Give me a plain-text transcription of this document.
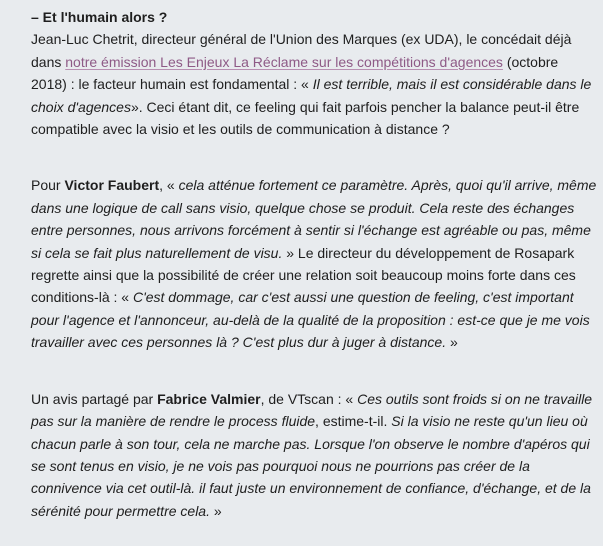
– Et l'humain alors ?

Jean-Luc Chetrit, directeur général de l'Union des Marques (ex UDA), le concédait déjà dans notre émission Les Enjeux La Réclame sur les compétitions d'agences (octobre 2018) : le facteur humain est fondamental : « Il est terrible, mais il est considérable dans le choix d'agences». Ceci étant dit, ce feeling qui fait parfois pencher la balance peut-il être compatible avec la visio et les outils de communication à distance ?

Pour Victor Faubert, « cela atténue fortement ce paramètre. Après, quoi qu'il arrive, même dans une logique de call sans visio, quelque chose se produit. Cela reste des échanges entre personnes, nous arrivons forcément à sentir si l'échange est agréable ou pas, même si cela se fait plus naturellement de visu. » Le directeur du développement de Rosapark regrette ainsi que la possibilité de créer une relation soit beaucoup moins forte dans ces conditions-là : « C'est dommage, car c'est aussi une question de feeling, c'est important pour l'agence et l'annonceur, au-delà de la qualité de la proposition : est-ce que je me vois travailler avec ces personnes là ? C'est plus dur à juger à distance. »

Un avis partagé par Fabrice Valmier, de VTscan : « Ces outils sont froids si on ne travaille pas sur la manière de rendre le process fluide, estime-t-il. Si la visio ne reste qu'un lieu où chacun parle à son tour, cela ne marche pas. Lorsque l'on observe le nombre d'apéros qui se sont tenus en visio, je ne vois pas pourquoi nous ne pourrions pas créer de la connivence via cet outil-là. il faut juste un environnement de confiance, d'échange, et de la sérénité pour permettre cela. »
